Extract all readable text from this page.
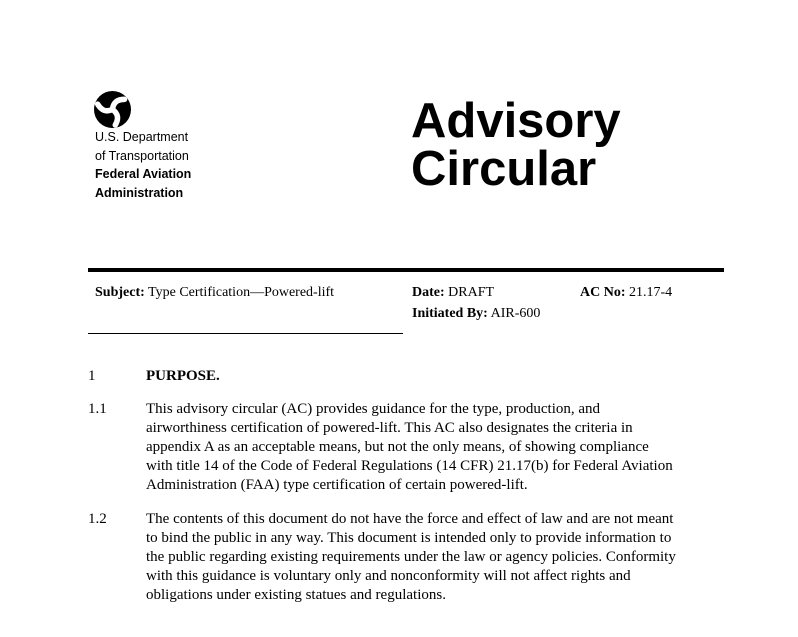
U.S. Department
of Transportation
Federal Aviation
Administration
Advisory
Circular
Subject: Type Certification—Powered-lift	Date: DRAFT
Initiated By: AIR-600
AC No: 21.17-4
1	PURPOSE.
1.1	This advisory circular (AC) provides guidance for the type, production, and
airworthiness certification of powered-lift. This AC also designates the criteria in
appendix A as an acceptable means, but not the only means, of showing compliance
with title 14 of the Code of Federal Regulations (14 CFR) 21.17(b) for Federal Aviation
Administration (FAA) type certification of certain powered-lift.
1.2	The contents of this document do not have the force and effect of law and are not meant
to bind the public in any way. This document is intended only to provide information to
the public regarding existing requirements under the law or agency policies. Conformity
with this guidance is voluntary only and nonconformity will not affect rights and
obligations under existing statues and regulations.
